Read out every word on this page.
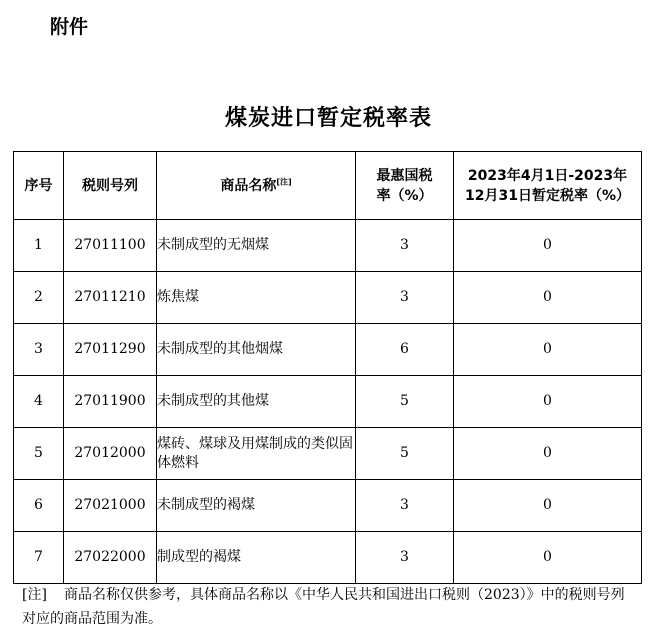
附件
煤炭进口暂定税率表
序号	税则号列	商品名称[注]	最惠国税率（%）	2023年4月1日-2023年12月31日暂定税率（%）
1	27011100	未制成型的无烟煤	3	0
2	27011210	炼焦煤	3	0
3	27011290	未制成型的其他烟煤	6	0
4	27011900	未制成型的其他煤	5	0
5	27012000	煤砖、煤球及用煤制成的类似固体燃料	5	0
6	27021000	未制成型的褐煤	3	0
7	27022000	制成型的褐煤	3	0
[注] 商品名称仅供参考，具体商品名称以《中华人民共和国进出口税则（2023）》中的税则号列对应的商品范围为准。
